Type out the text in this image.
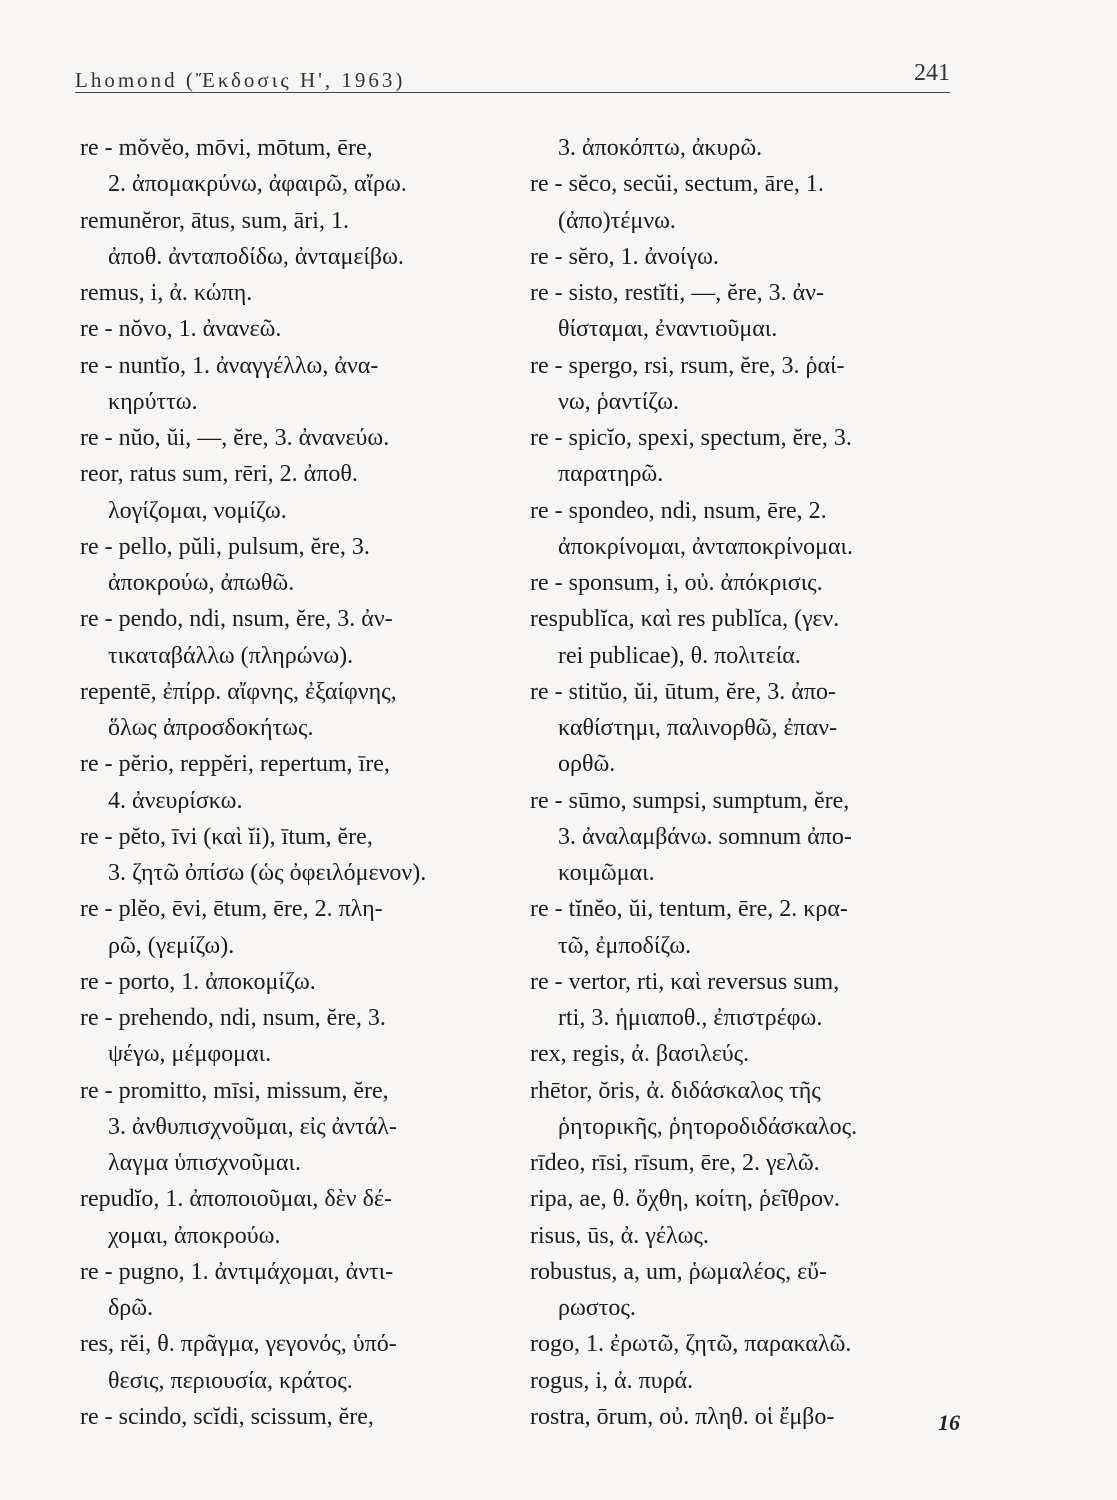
Lhomond (Ἔκδοσις Η', 1963)	241
re - mŏvĕo, mōvi, mōtum, ēre,
2. ἀπομακρύνω, ἀφαιρῶ, αἴρω.
remunĕror, ātus, sum, āri, 1.
ἀποθ. ἀνταποδίδω, ἀνταμείβω.
remus, i, ἀ. κώπη.
re - nŏvo, 1. ἀνανεῶ.
re - nuntĭo, 1. ἀναγγέλλω, ἀνα-
κηρύττω.
re - nŭo, ŭi, —, ĕre, 3. ἀνανεύω.
reor, ratus sum, rēri, 2. ἀποθ.
λογίζομαι, νομίζω.
re - pello, pŭli, pulsum, ĕre, 3.
ἀποκρούω, ἀπωθῶ.
re - pendo, ndi, nsum, ĕre, 3. ἀν-
τικαταβάλλω (πληρώνω).
repentē, ἐπίρρ. αἴφνης, ἐξαίφνης,
ὅλως ἀπροσδοκήτως.
re - pĕrio, reppĕri, repertum, īre,
4. ἀνευρίσκω.
re - pĕto, īvi (καὶ ĭi), ītum, ĕre,
3. ζητῶ ὀπίσω (ὡς ὀφειλόμενον).
re - plĕo, ēvi, ētum, ēre, 2. πλη-
ρῶ, (γεμίζω).
re - porto, 1. ἀποκομίζω.
re - prehendo, ndi, nsum, ĕre, 3.
ψέγω, μέμφομαι.
re - promitto, mīsi, missum, ĕre,
3. ἀνθυπισχνοῦμαι, εἰς ἀντάλ-
λαγμα ὑπισχνοῦμαι.
repudĭo, 1. ἀποποιοῦμαι, δὲν δέ-
χομαι, ἀποκρούω.
re - pugno, 1. ἀντιμάχομαι, ἀντι-
δρῶ.
res, rĕi, θ. πρᾶγμα, γεγονός, ὑπό-
θεσις, περιουσία, κράτος.
re - scindo, scĭdi, scissum, ĕre,
3. ἀποκόπτω, ἀκυρῶ.
re - sĕco, secŭi, sectum, āre, 1.
(ἀπο)τέμνω.
re - sĕro, 1. ἀνοίγω.
re - sisto, restĭti, —, ĕre, 3. ἀν-
θίσταμαι, ἐναντιοῦμαι.
re - spergo, rsi, rsum, ĕre, 3. ῥαί-
νω, ῥαντίζω.
re - spicĭo, spexi, spectum, ĕre, 3.
παρατηρῶ.
re - spondeo, ndi, nsum, ēre, 2.
ἀποκρίνομαι, ἀνταποκρίνομαι.
re - sponsum, i, οὐ. ἀπόκρισις.
respublĭca, καὶ res publĭca, (γεν.
rei publicae), θ. πολιτεία.
re - stitŭo, ŭi, ūtum, ĕre, 3. ἀπο-
καθίστημι, παλινορθῶ, ἐπαν-
ορθῶ.
re - sūmo, sumpsi, sumptum, ĕre,
3. ἀναλαμβάνω. somnum ἀπο-
κοιμῶμαι.
re - tĭnĕo, ŭi, tentum, ēre, 2. κρα-
τῶ, ἐμποδίζω.
re - vertor, rti, καὶ reversus sum,
rti, 3. ἡμιαποθ., ἐπιστρέφω.
rex, regis, ἀ. βασιλεύς.
rhētor, ŏris, ἀ. διδάσκαλος τῆς
ῥητορικῆς, ῥητοροδιδάσκαλος.
rīdeo, rīsi, rīsum, ēre, 2. γελῶ.
ripa, ae, θ. ὄχθη, κοίτη, ῥεῖθρον.
risus, ūs, ἀ. γέλως.
robustus, a, um, ῥωμαλέος, εὔ-
ρωστος.
rogo, 1. ἐρωτῶ, ζητῶ, παρακαλῶ.
rogus, i, ἀ. πυρά.
rostra, ōrum, οὐ. πληθ. οἱ ἔμβο-	16
